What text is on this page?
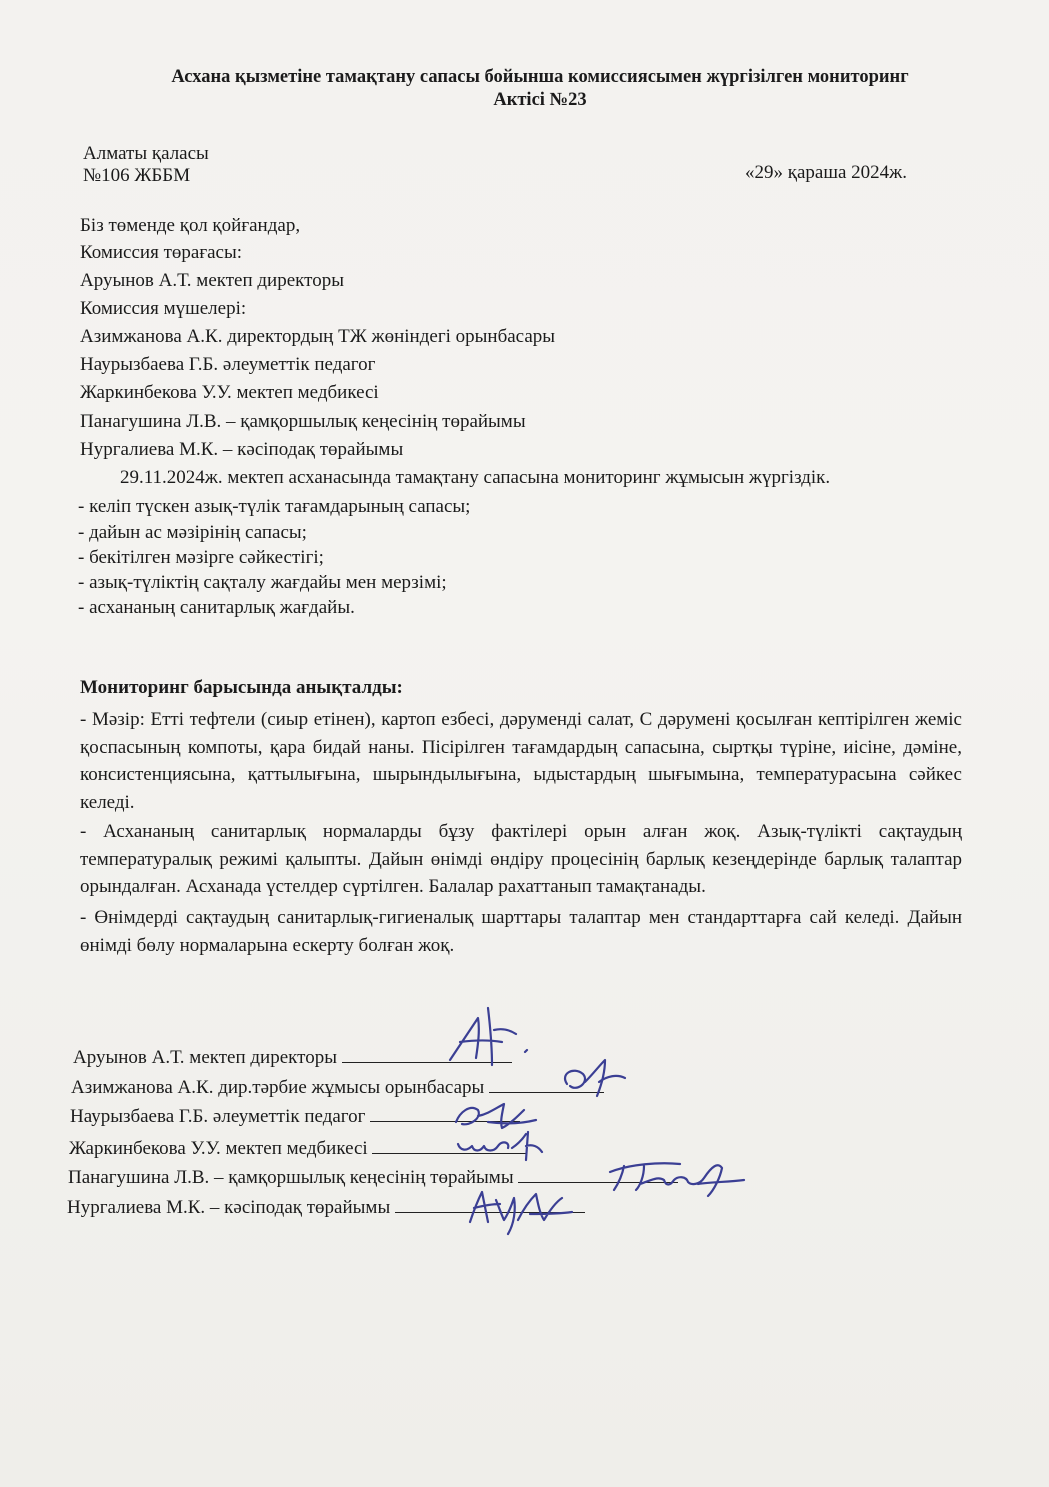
Асхана қызметіне тамақтану сапасы бойынша комиссиясымен жүргізілген мониторинг
Актісі №23
Алматы қаласы
№106 ЖББМ	«29» қараша 2024ж.
Біз төменде қол қойғандар,
Комиссия төрағасы:
Аруынов А.Т. мектеп директоры
Комиссия мүшелері:
Азимжанова А.К. директордың ТЖ жөніндегі орынбасары
Наурызбаева Г.Б. әлеуметтік педагог
Жаркинбекова У.У. мектеп медбикесі
Панагушина Л.В. – қамқоршылық кеңесінің төрайымы
Нургалиева М.К. – кәсіподақ төрайымы
29.11.2024ж. мектеп асханасында тамақтану сапасына мониторинг жұмысын жүргіздік.
- келіп түскен азық-түлік тағамдарының сапасы;
- дайын ас мәзірінің сапасы;
- бекітілген мәзірге сәйкестігі;
- азық-түліктің сақталу жағдайы мен мерзімі;
- асхананың санитарлық жағдайы.
Мониторинг барысында анықталды:
- Мәзір: Етті тефтели (сиыр етінен), картоп езбесі, дәруменді салат, С дәрумені қосылған кептірілген жеміс қоспасының компоты, қара бидай наны. Пісірілген тағамдардың сапасына, сыртқы түріне, иісіне, дәміне, консистенциясына, қаттылығына, шырындылығына, ыдыстардың шығымына, температурасына сәйкес келеді.
- Асхананың санитарлық нормаларды бұзу фактілері орын алған жоқ. Азық-түлікті сақтаудың температуралық режимі қалыпты. Дайын өнімді өндіру процесінің барлық кезеңдерінде барлық талаптар орындалған. Асханада үстелдер сүртілген. Балалар рахаттанып тамақтанады.
- Өнімдерді сақтаудың санитарлық-гигиеналық шарттары талаптар мен стандарттарға сай келеді. Дайын өнімді бөлу нормаларына ескерту болған жоқ.
Аруынов А.Т. мектеп директоры
Азимжанова А.К. дир.тәрбие жұмысы орынбасары
Наурызбаева Г.Б. әлеуметтік педагог
Жаркинбекова У.У. мектеп медбикесі
Панагушина Л.В. – қамқоршылық кеңесінің төрайымы
Нургалиева М.К. – кәсіподақ төрайымы
